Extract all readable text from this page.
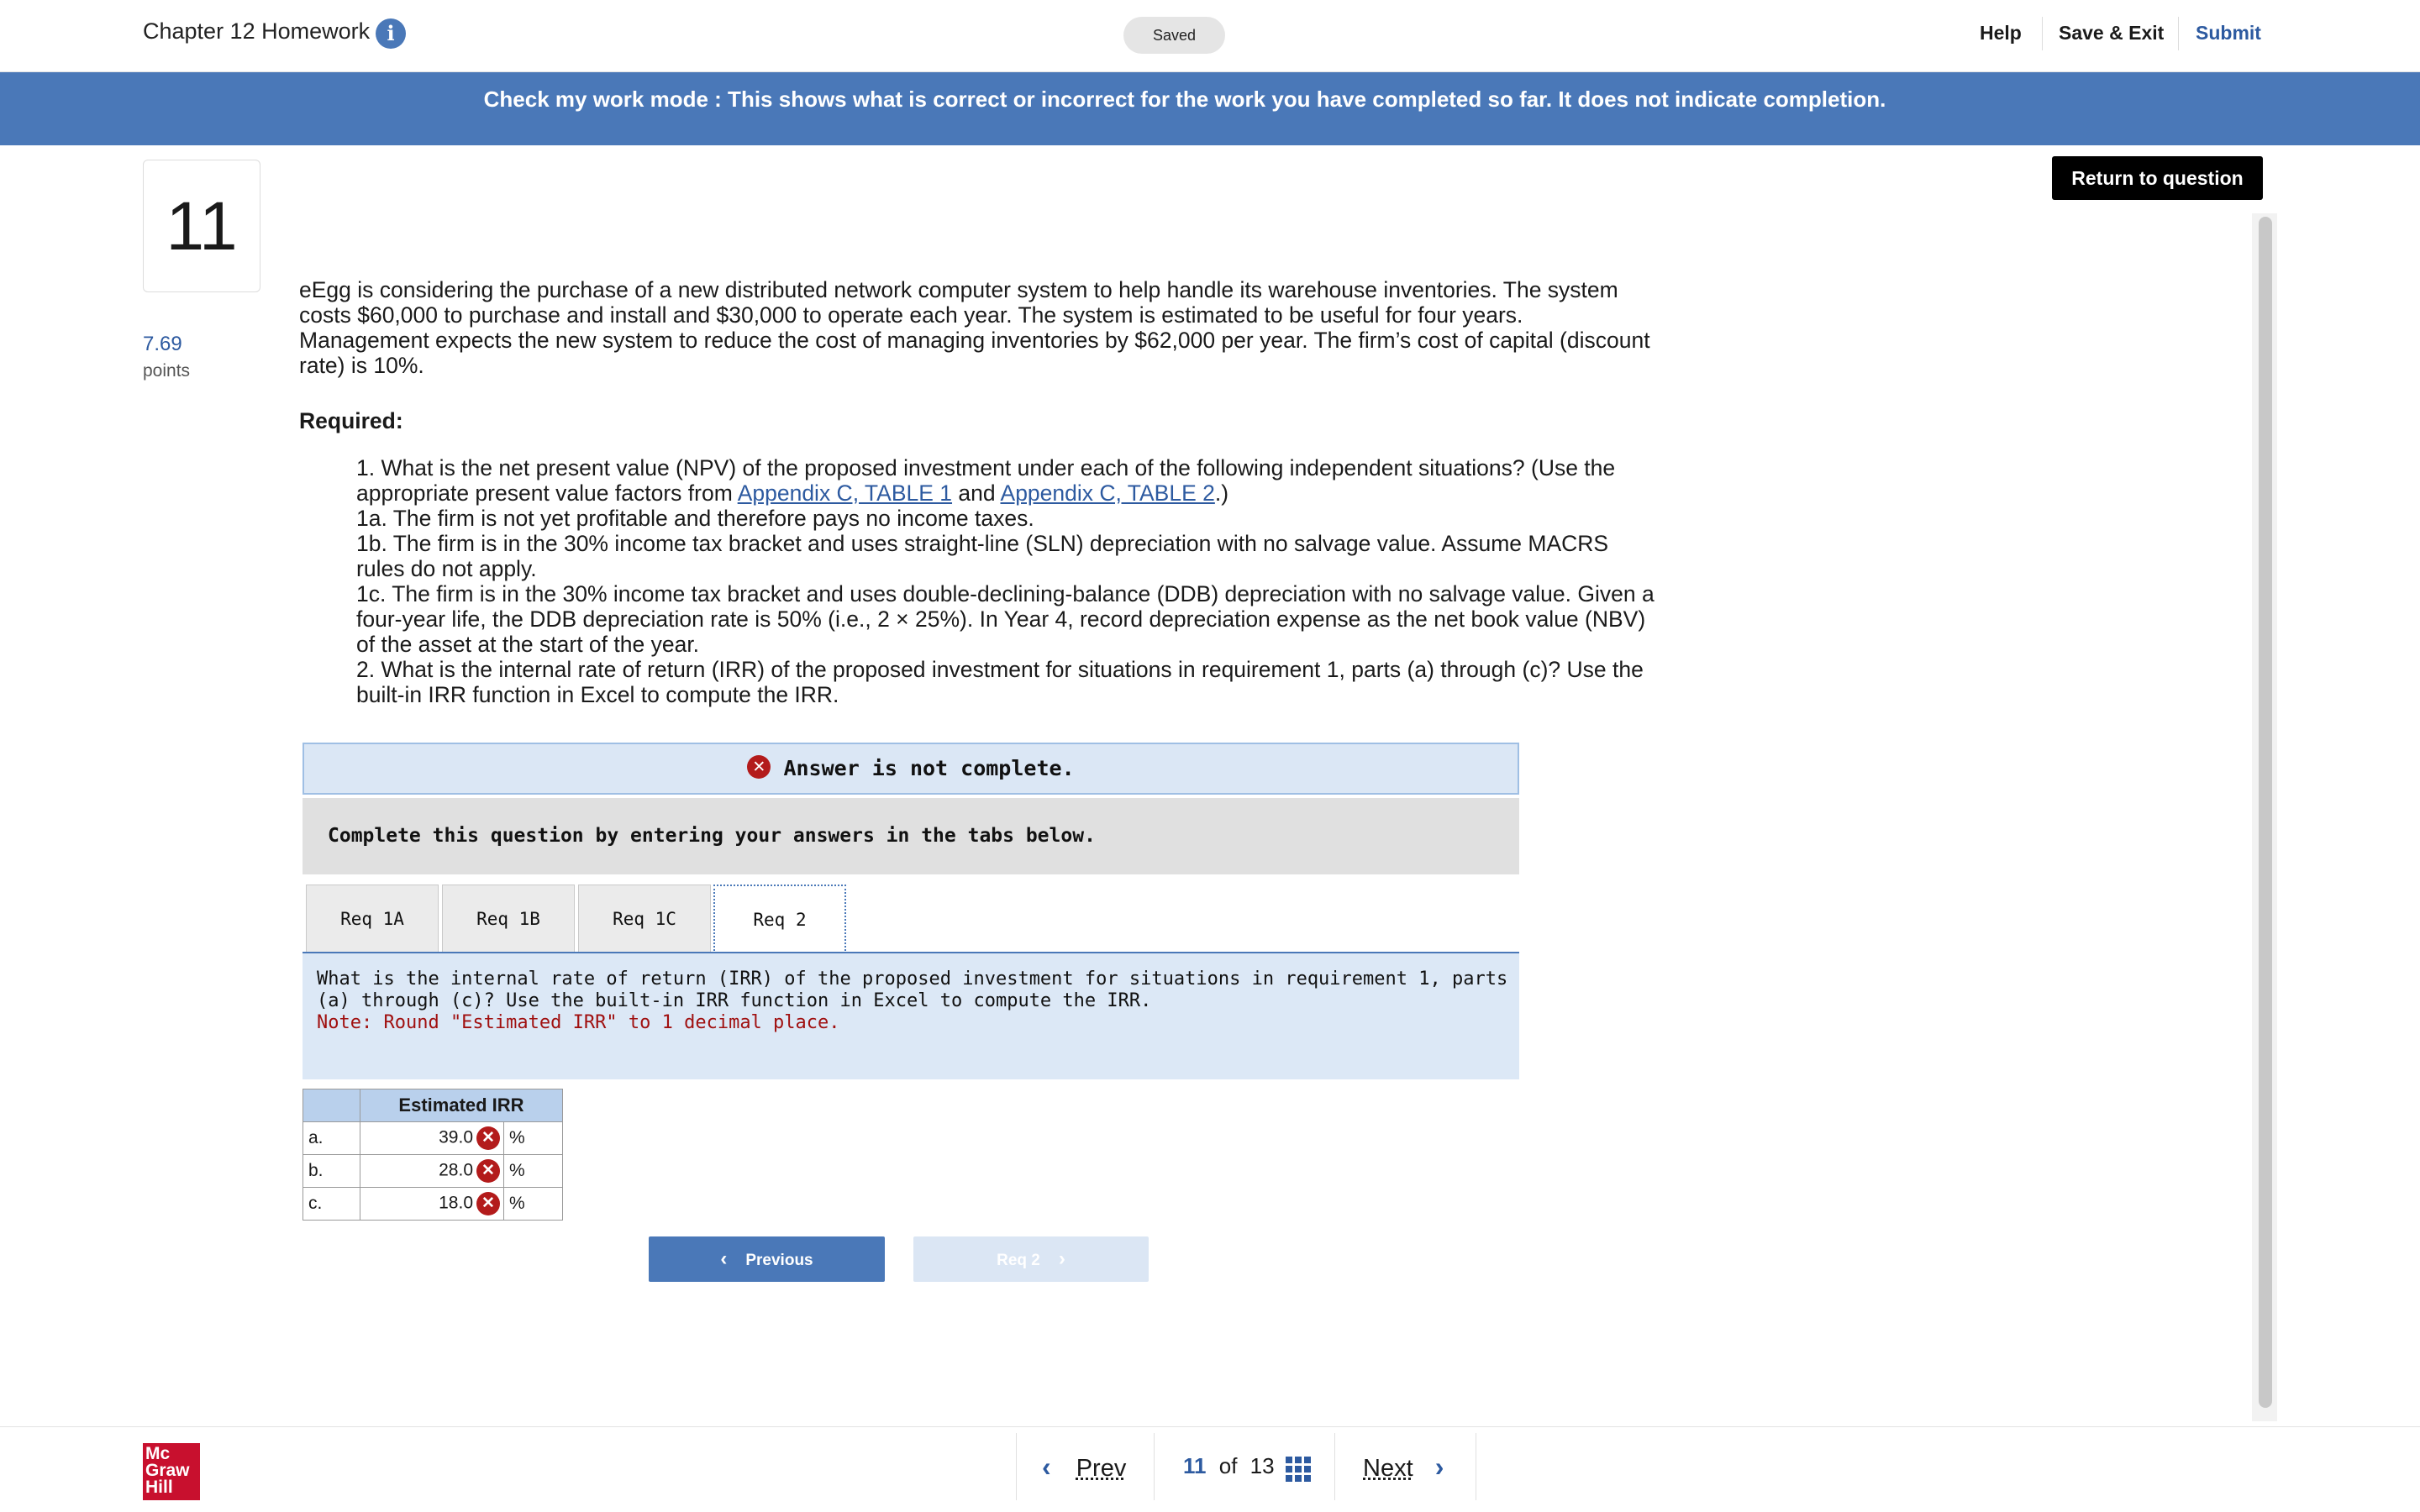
Chapter 12 Homework i	Saved	Help Save & Exit Submit
Check my work mode : This shows what is correct or incorrect for the work you have completed so far. It does not indicate completion.
11
7.69
points
Return to question
eEgg is considering the purchase of a new distributed network computer system to help handle its warehouse inventories. The system costs $60,000 to purchase and install and $30,000 to operate each year. The system is estimated to be useful for four years. Management expects the new system to reduce the cost of managing inventories by $62,000 per year. The firm’s cost of capital (discount rate) is 10%.
Required:
1. What is the net present value (NPV) of the proposed investment under each of the following independent situations? (Use the appropriate present value factors from Appendix C, TABLE 1 and Appendix C, TABLE 2.)
1a. The firm is not yet profitable and therefore pays no income taxes.
1b. The firm is in the 30% income tax bracket and uses straight-line (SLN) depreciation with no salvage value. Assume MACRS rules do not apply.
1c. The firm is in the 30% income tax bracket and uses double-declining-balance (DDB) depreciation with no salvage value. Given a four-year life, the DDB depreciation rate is 50% (i.e., 2 × 25%). In Year 4, record depreciation expense as the net book value (NBV) of the asset at the start of the year.
2. What is the internal rate of return (IRR) of the proposed investment for situations in requirement 1, parts (a) through (c)? Use the built-in IRR function in Excel to compute the IRR.
✕ Answer is not complete.
Complete this question by entering your answers in the tabs below.
Req 1A	Req 1B	Req 1C	Req 2
What is the internal rate of return (IRR) of the proposed investment for situations in requirement 1, parts (a) through (c)? Use the built-in IRR function in Excel to compute the IRR.
Note: Round "Estimated IRR" to 1 decimal place.
	Estimated IRR	
a.	39.0 ✕	%
b.	28.0 ✕	%
c.	18.0 ✕	%
‹ Previous	Req 2 ›
Mc
Graw
Hill
‹ Prev	11 of 13	Next ›
